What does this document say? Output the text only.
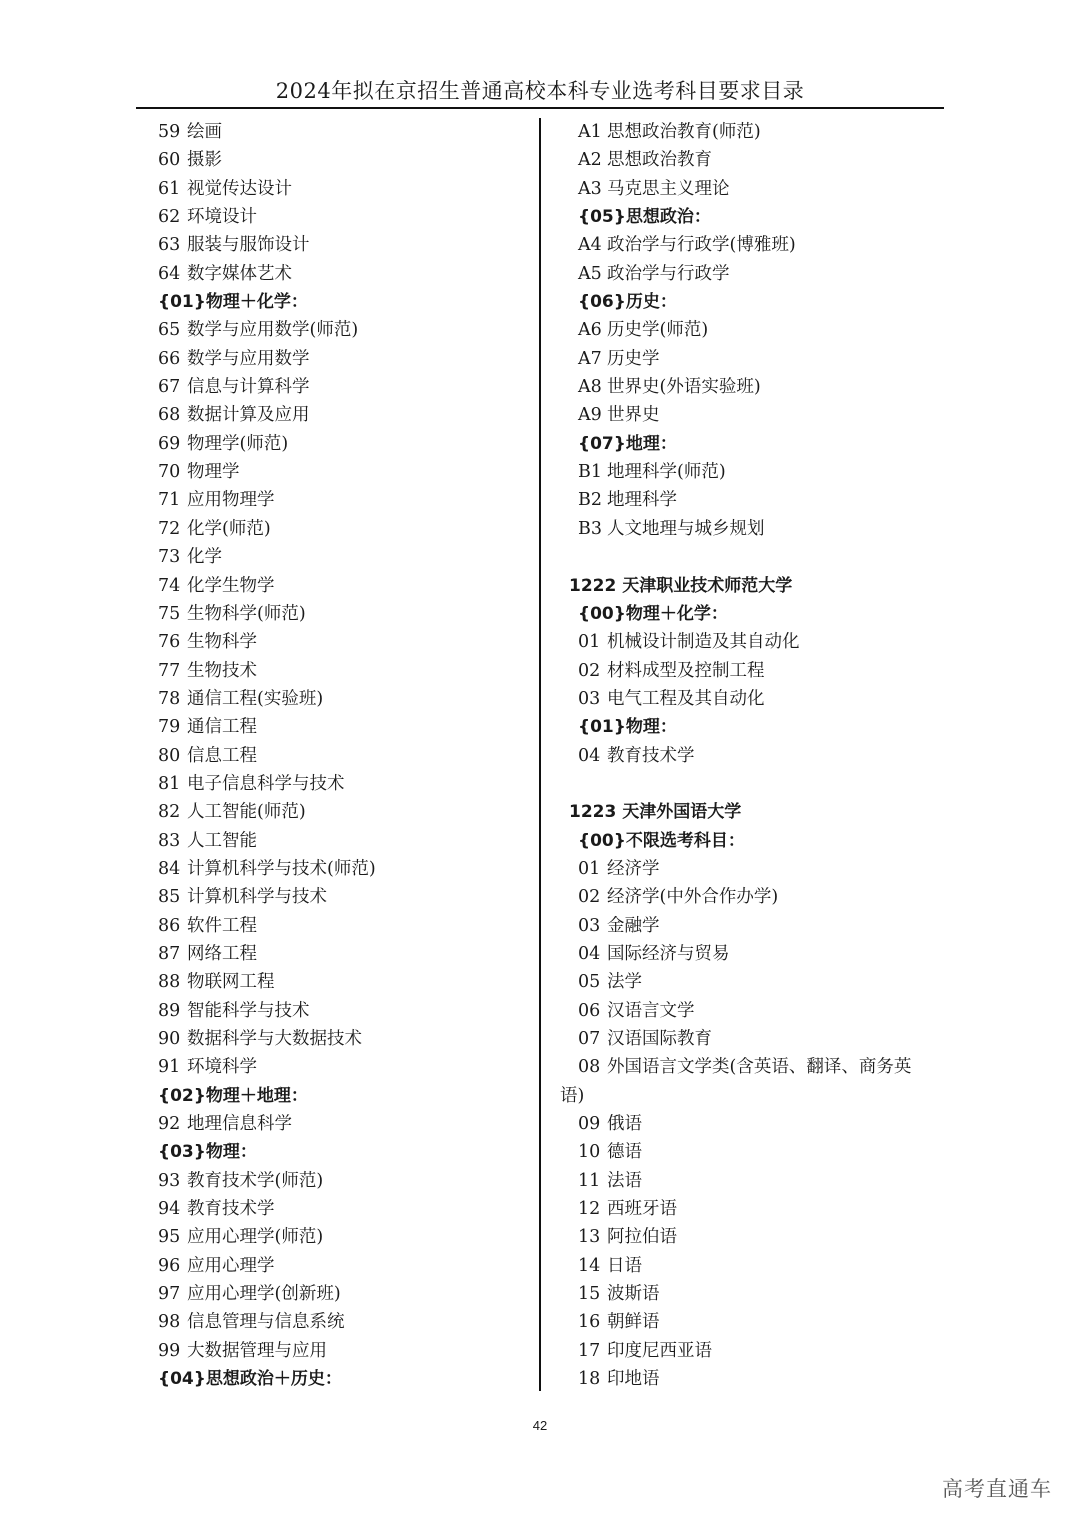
2024年拟在京招生普通高校本科专业选考科目要求目录
59 绘画
60 摄影
61 视觉传达设计
62 环境设计
63 服装与服饰设计
64 数字媒体艺术
{01}物理＋化学：
65 数学与应用数学(师范)
66 数学与应用数学
67 信息与计算科学
68 数据计算及应用
69 物理学(师范)
70 物理学
71 应用物理学
72 化学(师范)
73 化学
74 化学生物学
75 生物科学(师范)
76 生物科学
77 生物技术
78 通信工程(实验班)
79 通信工程
80 信息工程
81 电子信息科学与技术
82 人工智能(师范)
83 人工智能
84 计算机科学与技术(师范)
85 计算机科学与技术
86 软件工程
87 网络工程
88 物联网工程
89 智能科学与技术
90 数据科学与大数据技术
91 环境科学
{02}物理＋地理：
92 地理信息科学
{03}物理：
93 教育技术学(师范)
94 教育技术学
95 应用心理学(师范)
96 应用心理学
97 应用心理学(创新班)
98 信息管理与信息系统
99 大数据管理与应用
{04}思想政治＋历史：
A1 思想政治教育(师范)
A2 思想政治教育
A3 马克思主义理论
{05}思想政治：
A4 政治学与行政学(博雅班)
A5 政治学与行政学
{06}历史：
A6 历史学(师范)
A7 历史学
A8 世界史(外语实验班)
A9 世界史
{07}地理：
B1 地理科学(师范)
B2 地理科学
B3 人文地理与城乡规划
1222 天津职业技术师范大学
{00}物理＋化学：
01 机械设计制造及其自动化
02 材料成型及控制工程
03 电气工程及其自动化
{01}物理：
04 教育技术学
1223 天津外国语大学
{00}不限选考科目：
01 经济学
02 经济学(中外合作办学)
03 金融学
04 国际经济与贸易
05 法学
06 汉语言文学
07 汉语国际教育
08 外国语言文学类(含英语、翻译、商务英
语)
09 俄语
10 德语
11 法语
12 西班牙语
13 阿拉伯语
14 日语
15 波斯语
16 朝鲜语
17 印度尼西亚语
18 印地语
42
高考直通车
